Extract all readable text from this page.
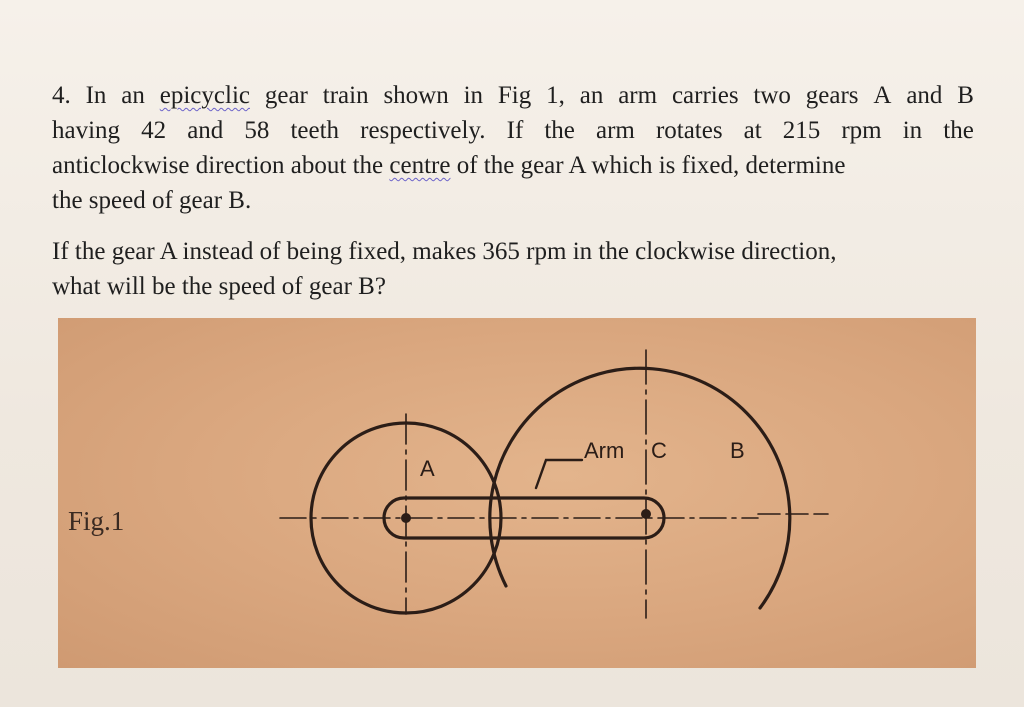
4. In an epicyclic gear train shown in Fig 1, an arm carries two gears A and B
having 42 and 58 teeth respectively. If the arm rotates at 215 rpm in the
anticlockwise direction about the centre of the gear A which is fixed, determine
the speed of gear B.
If the gear A instead of being fixed, makes 365 rpm in the clockwise direction,
what will be the speed of gear B?
Fig.1
A
Arm C	B
